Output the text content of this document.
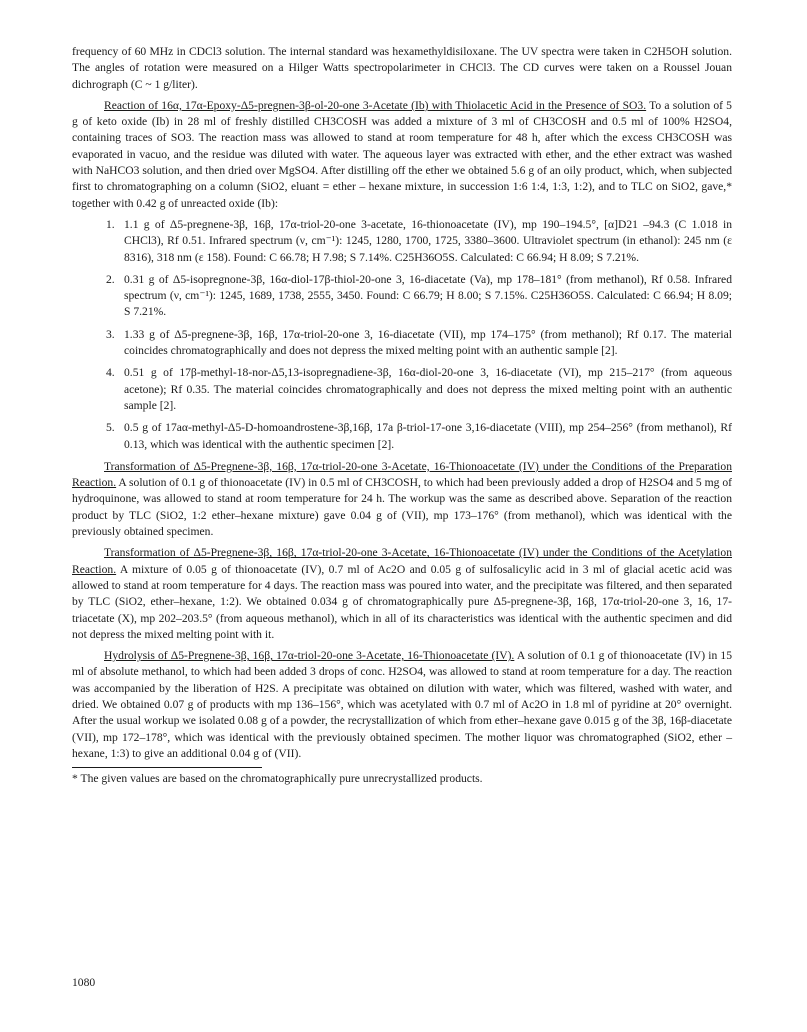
frequency of 60 MHz in CDCl3 solution. The internal standard was hexamethyldisiloxane. The UV spectra were taken in C2H5OH solution. The angles of rotation were measured on a Hilger Watts spectropolarimeter in CHCl3. The CD curves were taken on a Roussel Jouan dichrograph (C ~ 1 g/liter).

Reaction of 16α, 17α-Epoxy-Δ5-pregnen-3β-ol-20-one 3-Acetate (Ib) with Thiolacetic Acid in the Presence of SO3. To a solution of 5 g of keto oxide (Ib) in 28 ml of freshly distilled CH3COSH was added a mixture of 3 ml of CH3COSH and 0.5 ml of 100% H2SO4, containing traces of SO3. The reaction mass was allowed to stand at room temperature for 48 h, after which the excess CH3COSH was evaporated in vacuo, and the residue was diluted with water. The aqueous layer was extracted with ether, and the ether extract was washed with NaHCO3 solution, and then dried over MgSO4. After distilling off the ether we obtained 5.6 g of an oily product, which, when subjected first to chromatographing on a column (SiO2, eluant = ether – hexane mixture, in succession 1:6 1:4, 1:3, 1:2), and to TLC on SiO2, gave,* together with 0.42 g of unreacted oxide (Ib):

1. 1.1 g of Δ5-pregnene-3β, 16β, 17α-triol-20-one 3-acetate, 16-thionoacetate (IV), mp 190–194.5°, [α]D21 –94.3 (C 1.018 in CHCl3), Rf 0.51. Infrared spectrum (ν, cm⁻¹): 1245, 1280, 1700, 1725, 3380–3600. Ultraviolet spectrum (in ethanol): 245 nm (ε 8316), 318 nm (ε 158). Found: C 66.78; H 7.98; S 7.14%. C25H36O5S. Calculated: C 66.94; H 8.09; S 7.21%.
2. 0.31 g of Δ5-isopregnone-3β, 16α-diol-17β-thiol-20-one 3, 16-diacetate (Va), mp 178–181° (from methanol), Rf 0.58. Infrared spectrum (ν, cm⁻¹): 1245, 1689, 1738, 2555, 3450. Found: C 66.79; H 8.00; S 7.15%. C25H36O5S. Calculated: C 66.94; H 8.09; S 7.21%.
3. 1.33 g of Δ5-pregnene-3β, 16β, 17α-triol-20-one 3, 16-diacetate (VII), mp 174–175° (from methanol); Rf 0.17. The material coincides chromatographically and does not depress the mixed melting point with an authentic sample [2].
4. 0.51 g of 17β-methyl-18-nor-Δ5,13-isopregnadiene-3β, 16α-diol-20-one 3, 16-diacetate (VI), mp 215–217° (from aqueous acetone); Rf 0.35. The material coincides chromatographically and does not depress the mixed melting point with an authentic sample [2].
5. 0.5 g of 17aα-methyl-Δ5-D-homoandrostene-3β,16β, 17a β-triol-17-one 3,16-diacetate (VIII), mp 254–256° (from methanol), Rf 0.13, which was identical with the authentic specimen [2].

Transformation of Δ5-Pregnene-3β, 16β, 17α-triol-20-one 3-Acetate, 16-Thionoacetate (IV) under the Conditions of the Preparation Reaction. A solution of 0.1 g of thionoacetate (IV) in 0.5 ml of CH3COSH, to which had been previously added a drop of H2SO4 and 5 mg of hydroquinone, was allowed to stand at room temperature for 24 h. The workup was the same as described above. Separation of the reaction product by TLC (SiO2, 1:2 ether–hexane mixture) gave 0.04 g of (VII), mp 173–176° (from methanol), which was identical with the previously obtained specimen.

Transformation of Δ5-Pregnene-3β, 16β, 17α-triol-20-one 3-Acetate, 16-Thionoacetate (IV) under the Conditions of the Acetylation Reaction. A mixture of 0.05 g of thionoacetate (IV), 0.7 ml of Ac2O and 0.05 g of sulfosalicylic acid in 3 ml of glacial acetic acid was allowed to stand at room temperature for 4 days. The reaction mass was poured into water, and the precipitate was filtered, and then separated by TLC (SiO2, ether–hexane, 1:2). We obtained 0.034 g of chromatographically pure Δ5-pregnene-3β, 16β, 17α-triol-20-one 3, 16, 17-triacetate (X), mp 202–203.5° (from aqueous methanol), which in all of its characteristics was identical with the authentic specimen and did not depress the mixed melting point with it.

Hydrolysis of Δ5-Pregnene-3β, 16β, 17α-triol-20-one 3-Acetate, 16-Thionoacetate (IV). A solution of 0.1 g of thionoacetate (IV) in 15 ml of absolute methanol, to which had been added 3 drops of conc. H2SO4, was allowed to stand at room temperature for a day. The reaction was accompanied by the liberation of H2S. A precipitate was obtained on dilution with water, which was filtered, washed with water, and dried. We obtained 0.07 g of products with mp 136–156°, which was acetylated with 0.7 ml of Ac2O in 1.8 ml of pyridine at 20° overnight. After the usual workup we isolated 0.08 g of a powder, the recrystallization of which from ether–hexane gave 0.015 g of the 3β, 16β-diacetate (VII), mp 172–178°, which was identical with the previously obtained specimen. The mother liquor was chromatographed (SiO2, ether –hexane, 1:3) to give an additional 0.04 g of (VII).

* The given values are based on the chromatographically pure unrecrystallized products.

1080
